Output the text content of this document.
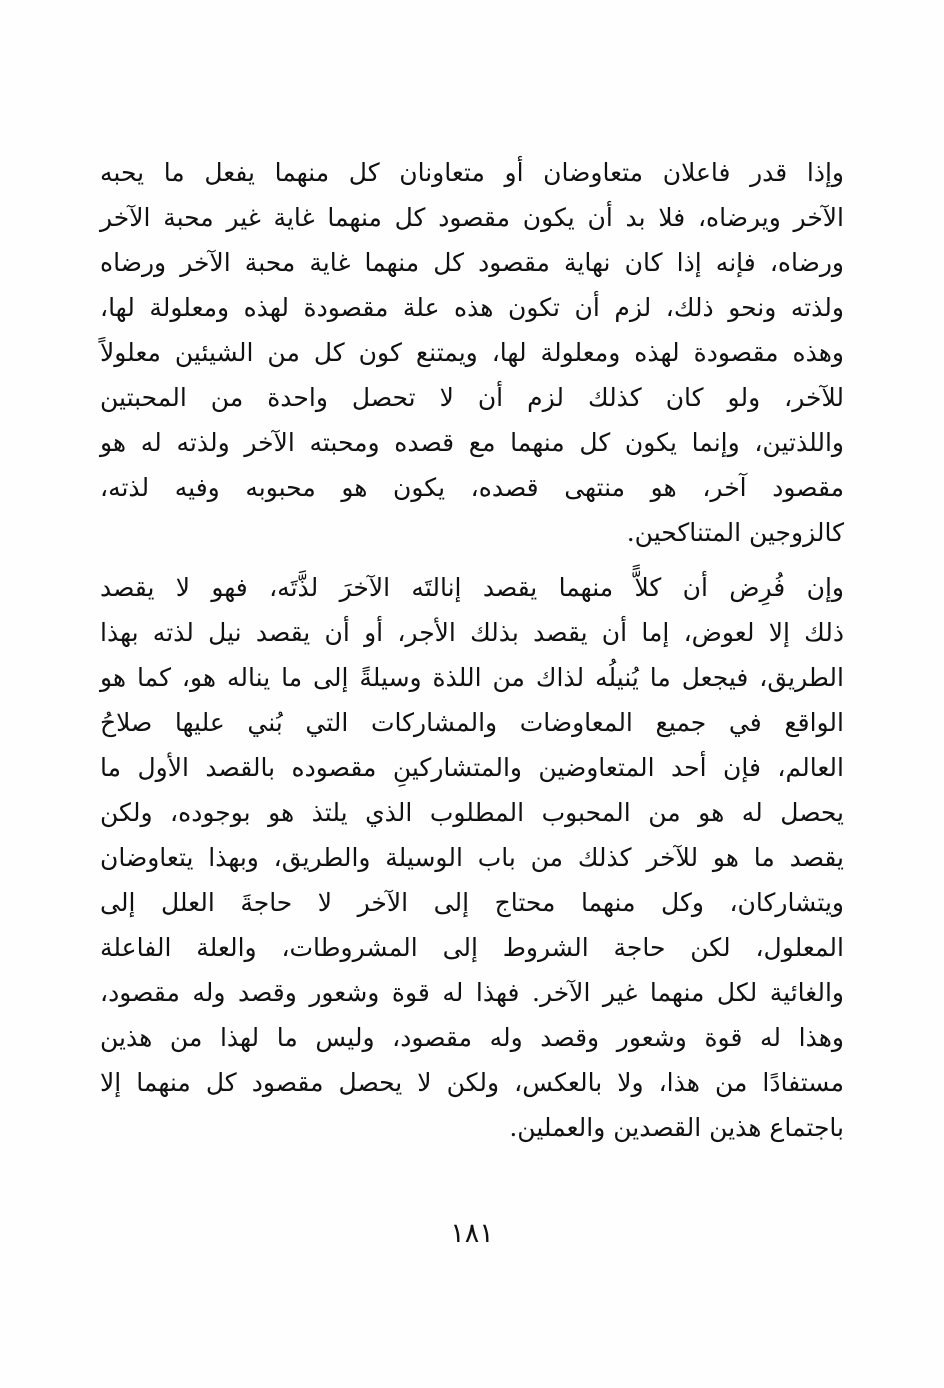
وإذا قدر فاعلان متعاوضان أو متعاونان كل منهما يفعل ما يحبه
الآخر ويرضاه، فلا بد أن يكون مقصود كل منهما غاية غير محبة الآخر
ورضاه، فإنه إذا كان نهاية مقصود كل منهما غاية محبة الآخر ورضاه
ولذته ونحو ذلك، لزم أن تكون هذه علة مقصودة لهذه ومعلولة لها،
وهذه مقصودة لهذه ومعلولة لها، ويمتنع كون كل من الشيئين معلولاً
للآخر، ولو كان كذلك لزم أن لا تحصل واحدة من المحبتين
واللذتين، وإنما يكون كل منهما مع قصده ومحبته الآخر ولذته له هو
مقصود آخر، هو منتهى قصده، يكون هو محبوبه وفيه لذته،
كالزوجين المتناكحين.

وإن فُرِض أن كلاًّ منهما يقصد إنالتَه الآخرَ لذَّتَه، فهو لا يقصد
ذلك إلا لعوض، إما أن يقصد بذلك الأجر، أو أن يقصد نيل لذته بهذا
الطريق، فيجعل ما يُنيلُه لذاك من اللذة وسيلةً إلى ما يناله هو، كما هو
الواقع في جميع المعاوضات والمشاركات التي بُني عليها صلاحُ
العالم، فإن أحد المتعاوضين والمتشاركينِ مقصوده بالقصد الأول ما
يحصل له هو من المحبوب المطلوب الذي يلتذ هو بوجوده، ولكن
يقصد ما هو للآخر كذلك من باب الوسيلة والطريق، وبهذا يتعاوضان
ويتشاركان، وكل منهما محتاج إلى الآخر لا حاجةَ العلل إلى
المعلول، لكن حاجة الشروط إلى المشروطات، والعلة الفاعلة
والغائية لكل منهما غير الآخر. فهذا له قوة وشعور وقصد وله مقصود،
وهذا له قوة وشعور وقصد وله مقصود، وليس ما لهذا من هذين
مستفادًا من هذا، ولا بالعكس، ولكن لا يحصل مقصود كل منهما إلا
باجتماع هذين القصدين والعملين.

١٨١
